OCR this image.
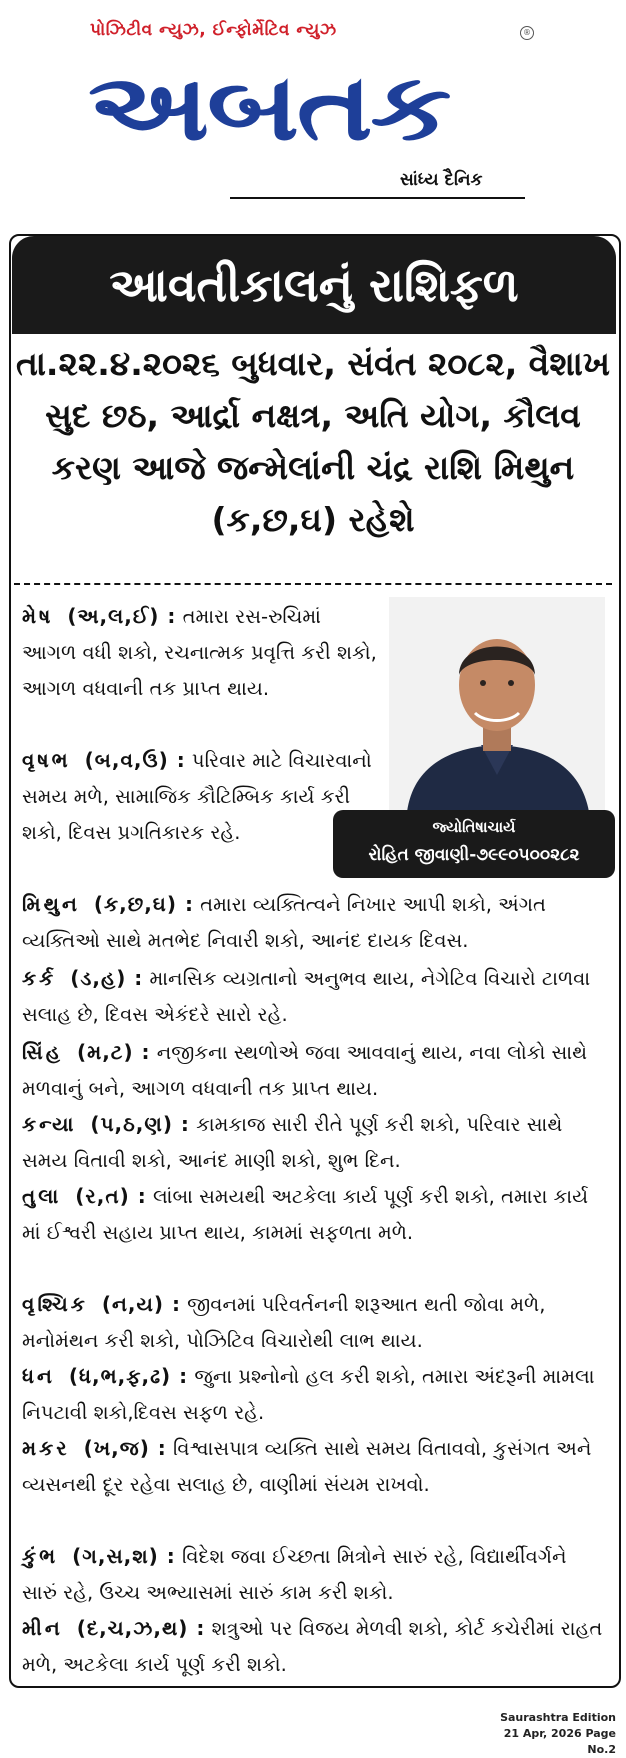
પોઝિટીવ ન્યુઝ, ઈન્ફોર્મેટિવ ન્યુઝ	®
અબતક
સાંધ્ય દૈનિક
આવતીકાલનું રાશિફળ
તા.૨૨.૪.૨૦૨૬ બુધવાર, સંવંત ૨૦૮૨, વૈશાખ સુદ છઠ, આર્દ્રા નક્ષત્ર, અતિ યોગ, કૌલવ કરણ આજે જન્મેલાંની ચંદ્ર રાશિ મિથુન (ક,છ,ઘ) રહેશે
જ્યોતિષાચાર્ય
રોહિત જીવાણી-૭૯૯૦૫૦૦૨૮૨
મેષ (અ,લ,ઈ) : તમારા રસ-રુચિમાં આગળ વધી શકો, રચનાત્મક પ્રવૃત્તિ કરી શકો, આગળ વધવાની તક પ્રાપ્ત થાય.
વૃષભ (બ,વ,ઉ) : પરિવાર માટે વિચારવાનો સમય મળે, સામાજિક કૌટિમ્બિક કાર્ય કરી શકો, દિવસ પ્રગતિકારક રહે.
મિથુન (ક,છ,ઘ) : તમારા વ્યક્તિત્વને નિખાર આપી શકો, અંગત વ્યક્તિઓ સાથે મતભેદ નિવારી શકો, આનંદ દાયક દિવસ.
કર્ક (ડ,હ) : માનસિક વ્યગ્રતાનો અનુભવ થાય, નેગેટિવ વિચારો ટાળવા સલાહ છે, દિવસ એકંદરે સારો રહે.
સિંહ (મ,ટ) : નજીકના સ્થળોએ જવા આવવાનું થાય, નવા લોકો સાથે મળવાનું બને, આગળ વધવાની તક પ્રાપ્ત થાય.
કન્યા (પ,ઠ,ણ) : કામકાજ સારી રીતે પૂર્ણ કરી શકો, પરિવાર સાથે સમય વિતાવી શકો, આનંદ માણી શકો, શુભ દિન.
તુલા (ર,ત) : લાંબા સમયથી અટકેલા કાર્ય પૂર્ણ કરી શકો, તમારા કાર્ય માં ઈશ્વરી સહાય પ્રાપ્ત થાય, કામમાં સફળતા મળે.
વૃશ્ચિક (ન,ય) : જીવનમાં પરિવર્તનની શરૂઆત થતી જોવા મળે, મનોમંથન કરી શકો, પોઝિટિવ વિચારોથી લાભ થાય.
ધન (ધ,ભ,ફ,ઢ) : જુના પ્રશ્નોનો હલ કરી શકો, તમારા અંદરૂની મામલા નિપટાવી શકો,દિવસ સફળ રહે.
મકર (ખ,જ) : વિશ્વાસપાત્ર વ્યક્તિ સાથે સમય વિતાવવો, કુસંગત અને વ્યસનથી દૂર રહેવા સલાહ છે, વાણીમાં સંયમ રાખવો.
કુંભ (ગ,સ,શ) : વિદેશ જવા ઈચ્છતા મિત્રોને સારું રહે, વિદ્યાર્થીવર્ગને સારું રહે, ઉચ્ચ અભ્યાસમાં સારું કામ કરી શકો.
મીન (દ,ચ,ઝ,થ) : શત્રુઓ પર વિજય મેળવી શકો, કોર્ટ કચેરીમાં રાહત મળે, અટકેલા કાર્ય પૂર્ણ કરી શકો.
Saurashtra Edition
21 Apr, 2026 Page No.2
